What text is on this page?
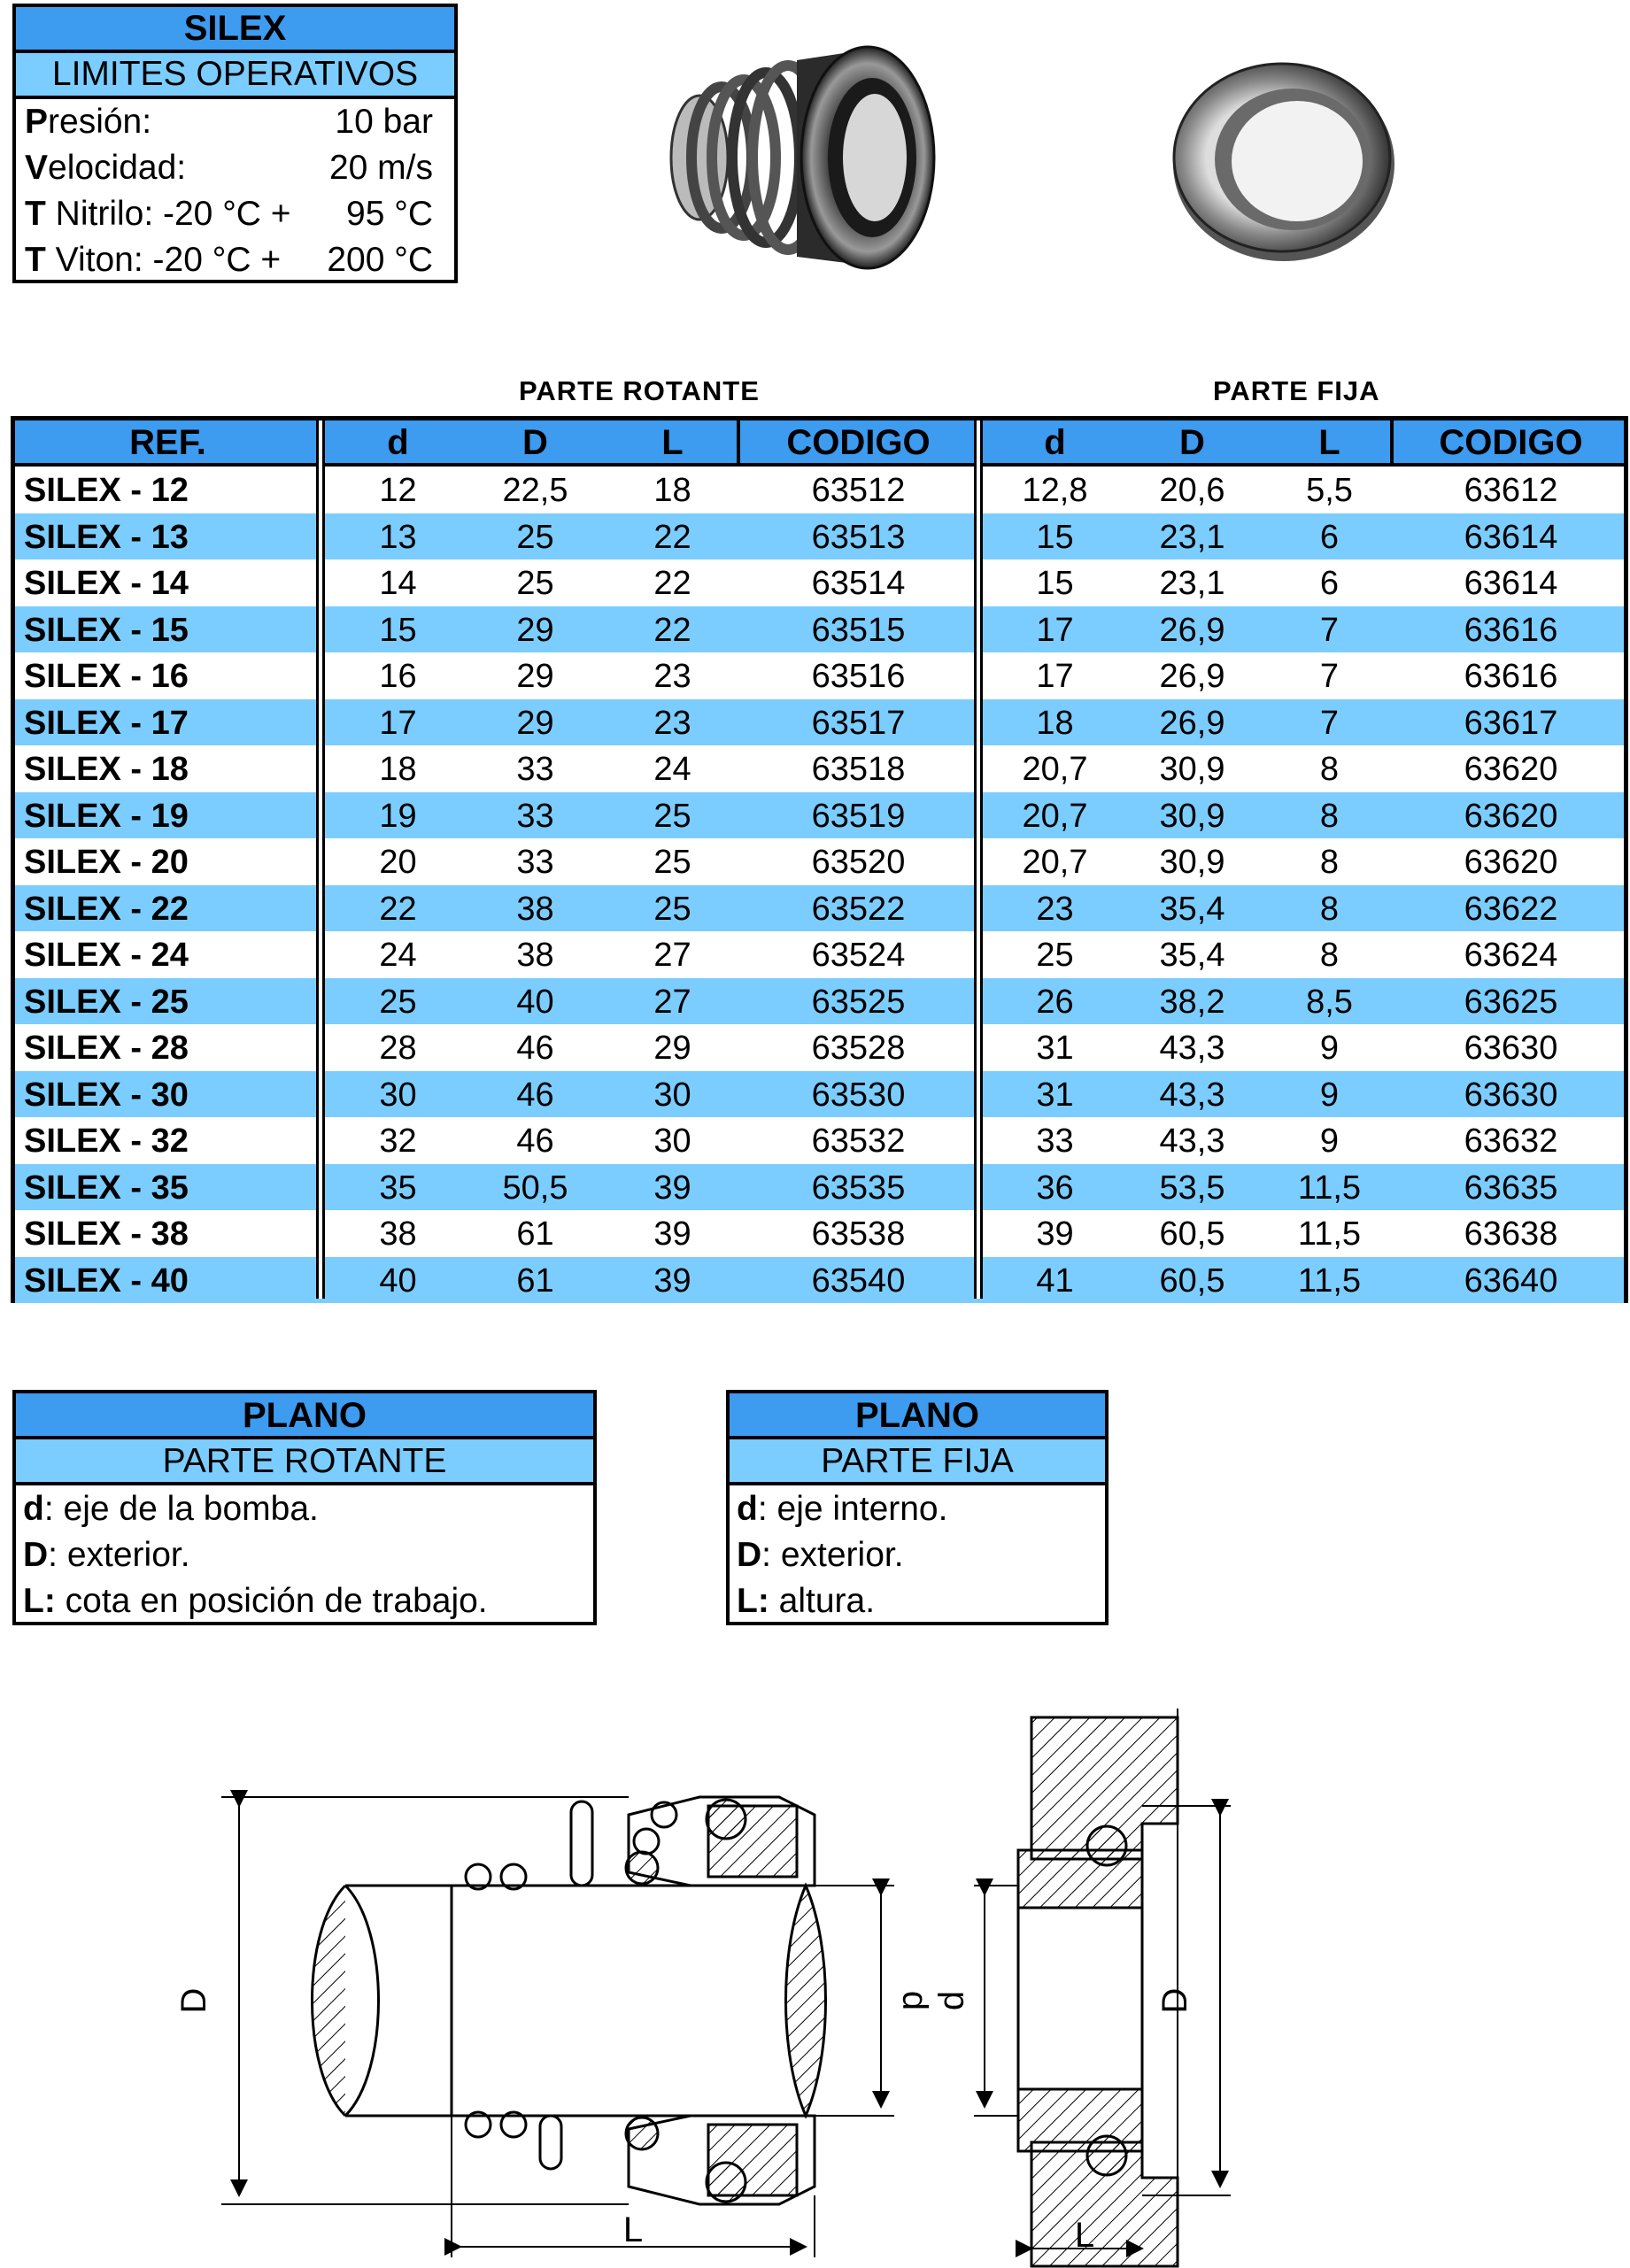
SILEX
LIMITES OPERATIVOS
Presión:	10 bar
Velocidad:	20 m/s
T Nitrilo: -20 °C + 95 °C
T Viton: -20 °C + 200 °C
PARTE ROTANTE	PARTE FIJA
SILEX - 12	12	22,5	18	63512	12,8	20,6	5,5	63612
SILEX - 13	13	25	22	63513	15	23,1	6	63614
SILEX - 14	14	25	22	63514	15	23,1	6	63614
SILEX - 15	15	29	22	63515	17	26,9	7	63616
SILEX - 16	16	29	23	63516	17	26,9	7	63616
SILEX - 17	17	29	23	63517	18	26,9	7	63617
SILEX - 18	18	33	24	63518	20,7	30,9	8	63620
SILEX - 19	19	33	25	63519	20,7	30,9	8	63620
SILEX - 20	20	33	25	63520	20,7	30,9	8	63620
SILEX - 22	22	38	25	63522	23	35,4	8	63622
SILEX - 24	24	38	27	63524	25	35,4	8	63624
SILEX - 25	25	40	27	63525	26	38,2	8,5	63625
SILEX - 28	28	46	29	63528	31	43,3	9	63630
SILEX - 30	30	46	30	63530	31	43,3	9	63630
SILEX - 32	32	46	30	63532	33	43,3	9	63632
SILEX - 35	35	50,5	39	63535	36	53,5	11,5	63635
SILEX - 38	38	61	39	63538	39	60,5	11,5	63638
SILEX - 40	40	61	39	63540	41	60,5	11,5	63640
REF.	d	D	L	CODIGO	d	D	L	CODIGO
PLANO
PARTE ROTANTE
d: eje de la bomba.
D: exterior.
L: cota en posición de trabajo.
PLANO
PARTE FIJA
d: eje interno.
D: exterior.
L: altura.
D	d
L
d	D
L
